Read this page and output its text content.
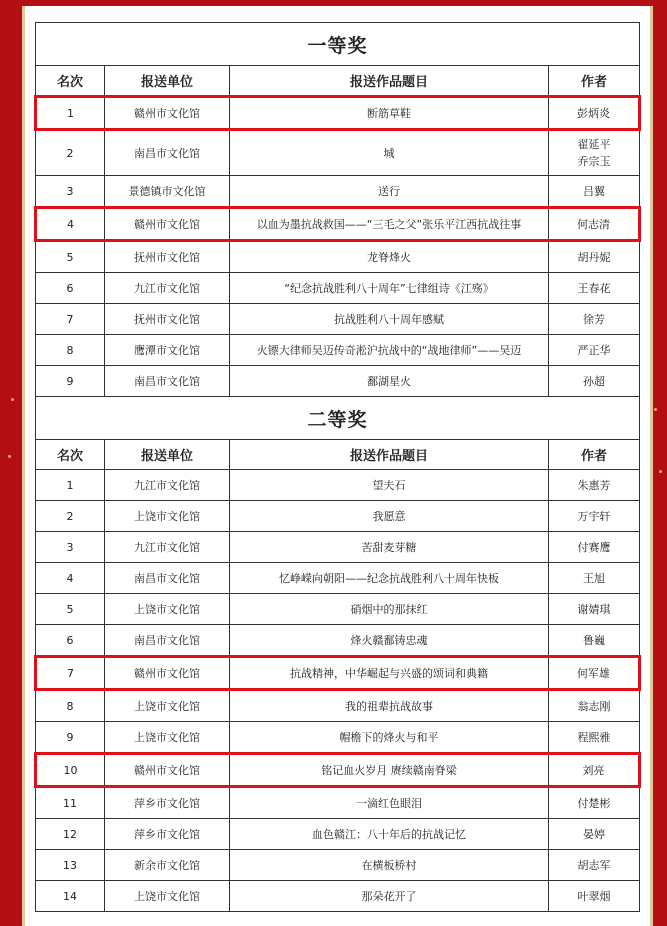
一等奖			
名次	报送单位	报送作品题目	作者
1	赣州市文化馆	断筋草鞋	彭炳炎

2	南昌市文化馆	城	翟延平
乔宗玉

3	景德镇市文化馆	送行	吕翼

4	赣州市文化馆	以血为墨抗战救国——“三毛之父”张乐平江西抗战往事	何志清

5	抚州市文化馆	龙脊烽火	胡丹妮

6	九江市文化馆	“纪念抗战胜利八十周年”七律组诗《江殇》	王春花

7	抚州市文化馆	抗战胜利八十周年感赋	徐芳

8	鹰潭市文化馆	火镖大律师吴迈传奇淞沪抗战中的“战地律师”——吴迈	严正华

9	南昌市文化馆	鄱湖星火	孙超

二等奖			
名次	报送单位	报送作品题目	作者
1	九江市文化馆	望夫石	朱惠芳

2	上饶市文化馆	我愿意	万宇轩

3	九江市文化馆	苦甜麦芽糖	付赛鹰

4	南昌市文化馆	忆峥嵘向朝阳——纪念抗战胜利八十周年快板	王旭

5	上饶市文化馆	硝烟中的那抹红	谢婧琪

6	南昌市文化馆	烽火赣鄱铸忠魂	鲁巍

7	赣州市文化馆	抗战精神，中华崛起与兴盛的颂词和典籍	何军雄

8	上饶市文化馆	我的祖辈抗战故事	翁志刚

9	上饶市文化馆	帽檐下的烽火与和平	程熙雅

10	赣州市文化馆	铭记血火岁月 赓续赣南脊梁	刘亮

11	萍乡市文化馆	一滴红色眼泪	付楚彬

12	萍乡市文化馆	血色赣江：八十年后的抗战记忆	晏婷

13	新余市文化馆	在横板桥村	胡志军

14	上饶市文化馆	那朵花开了	叶翠烟
